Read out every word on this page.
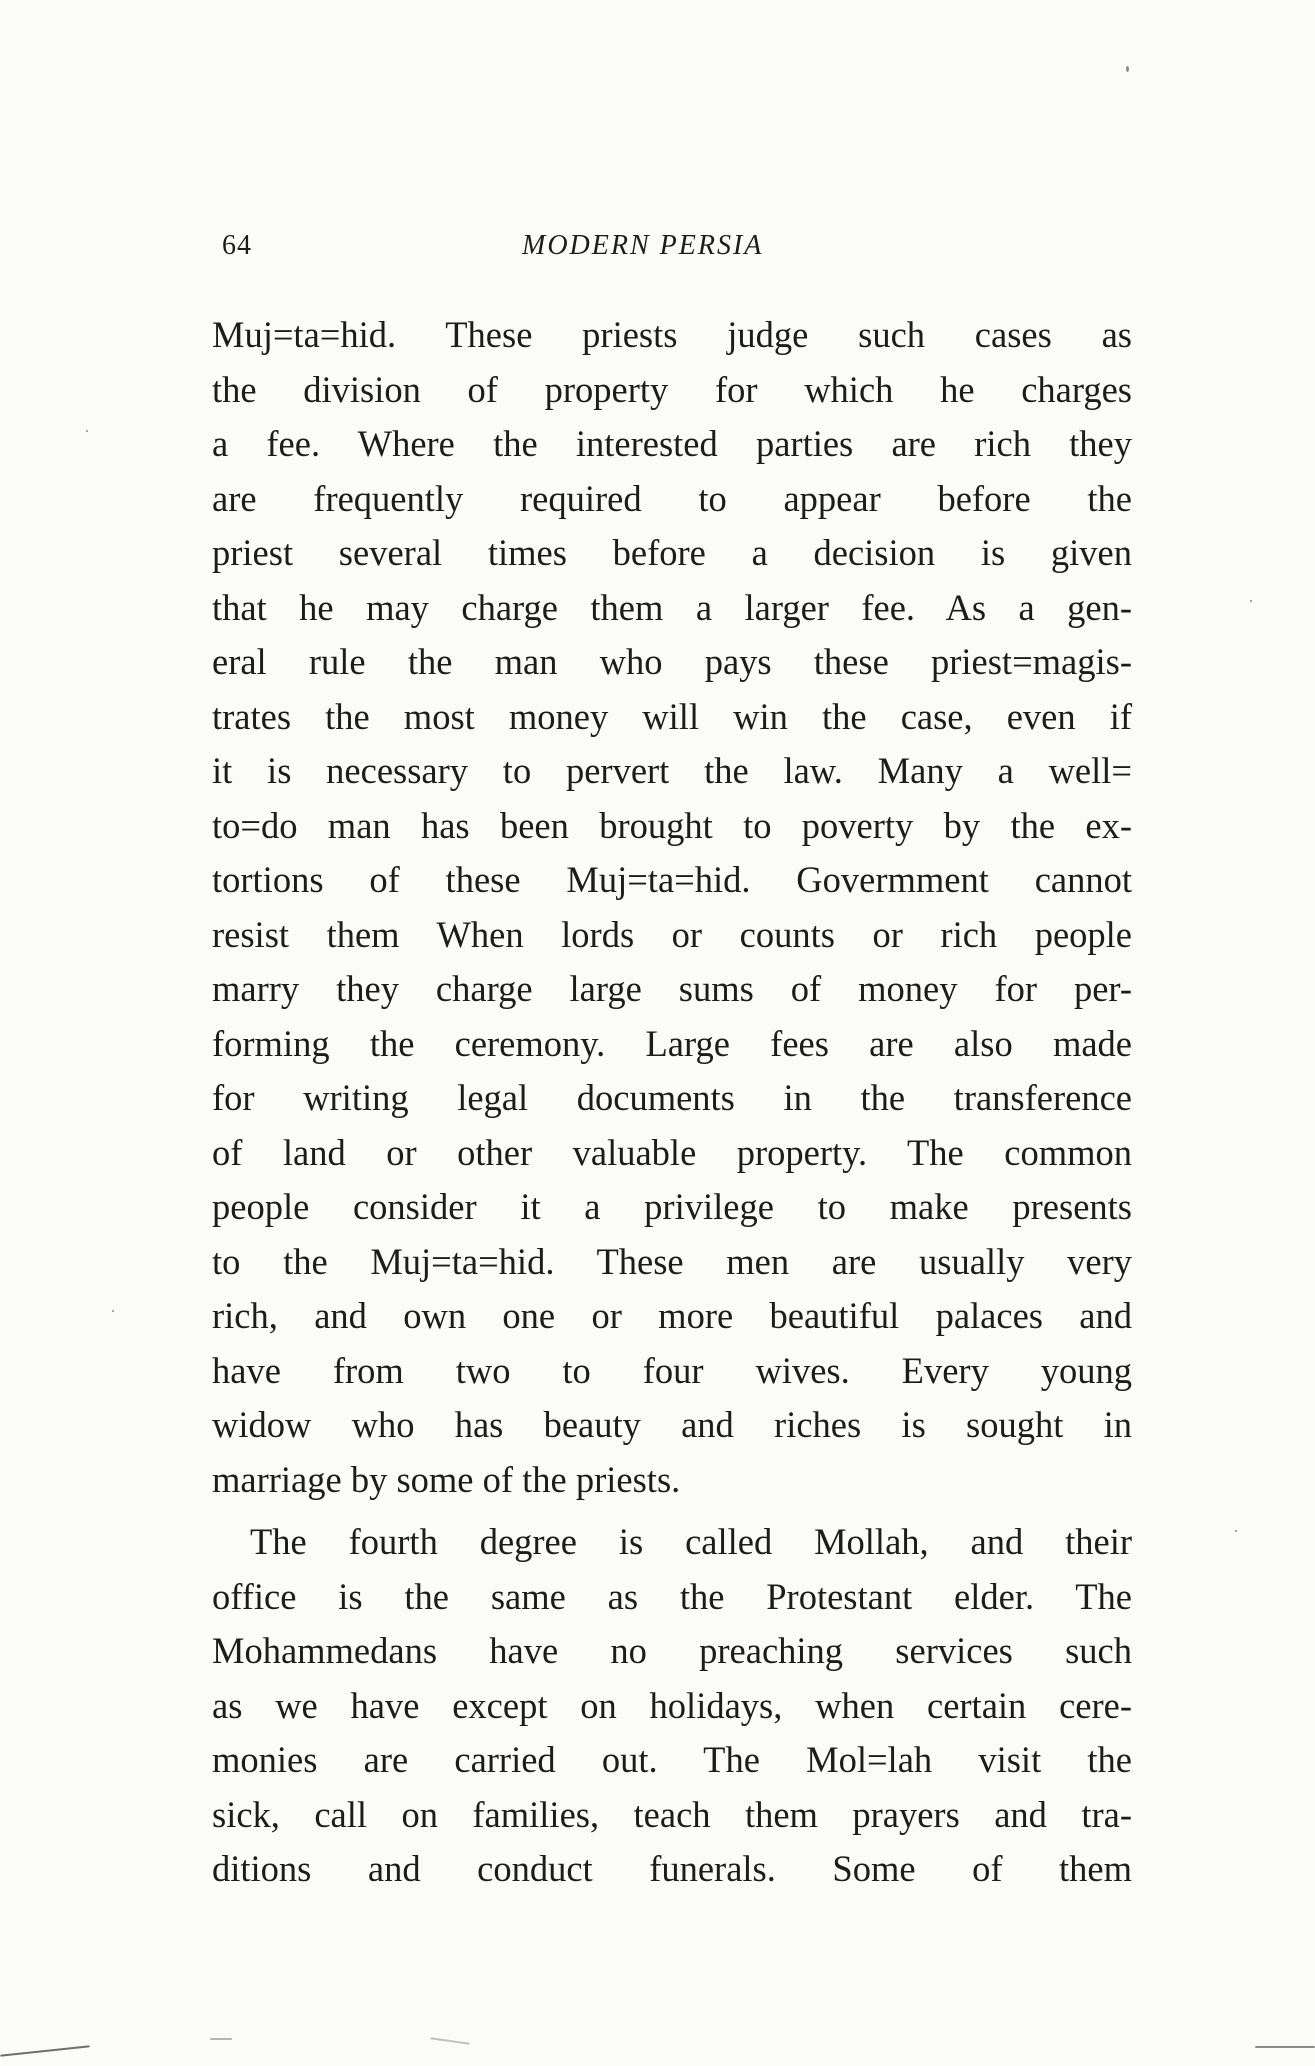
64	MODERN PERSIA
Muj=ta=hid. These priests judge such cases as
the division of property for which he charges
a fee. Where the interested parties are rich they
are frequently required to appear before the
priest several times before a decision is given
that he may charge them a larger fee. As a gen-
eral rule the man who pays these priest=magis-
trates the most money will win the case, even if
it is necessary to pervert the law. Many a well=
to=do man has been brought to poverty by the ex-
tortions of these Muj=ta=hid. Govermment cannot
resist them When lords or counts or rich people
marry they charge large sums of money for per-
forming the ceremony. Large fees are also made
for writing legal documents in the transference
of land or other valuable property. The common
people consider it a privilege to make presents
to the Muj=ta=hid. These men are usually very
rich, and own one or more beautiful palaces and
have from two to four wives. Every young
widow who has beauty and riches is sought in
marriage by some of the priests.
The fourth degree is called Mollah, and their
office is the same as the Protestant elder. The
Mohammedans have no preaching services such
as we have except on holidays, when certain cere-
monies are carried out. The Mol=lah visit the
sick, call on families, teach them prayers and tra-
ditions and conduct funerals. Some of them
